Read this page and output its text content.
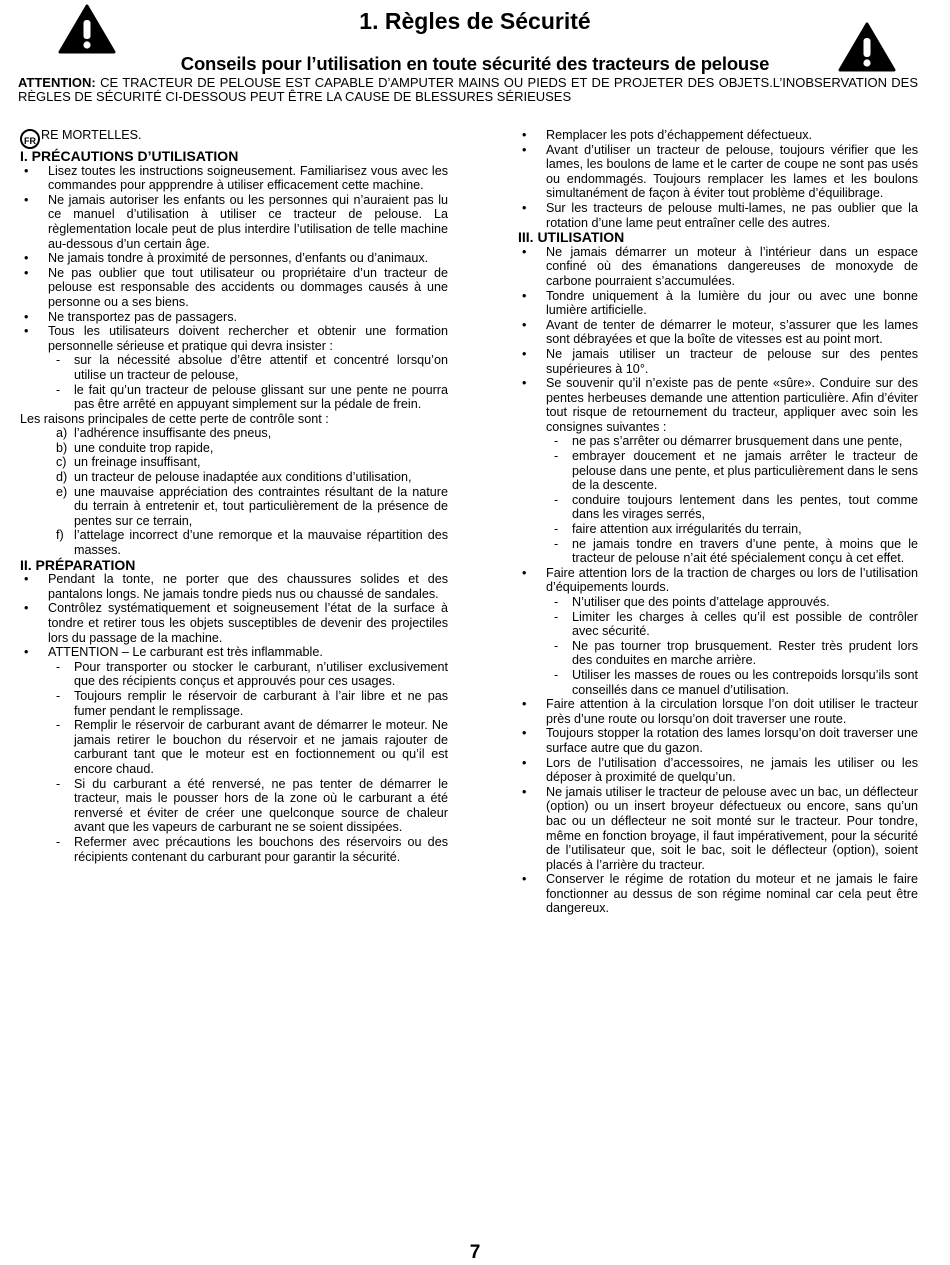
1. Règles de Sécurité
Conseils pour l’utilisation en toute sécurité des tracteurs de pelouse
ATTENTION: CE TRACTEUR DE PELOUSE EST CAPABLE D’AMPUTER MAINS OU PIEDS ET DE PROJETER DES OBJETS.L’INOBSERVATION DES RÈGLES DE SÉCURITÉ CI-DESSOUS PEUT ÊTRE LA CAUSE DE BLESSURES SÉRIEUSES

FR RE MORTELLES.

I. PRÉCAUTIONS D’UTILISATION

• Lisez toutes les instructions soigneusement. Familiarisez vous avec les commandes pour appprendre à utiliser efficacement cette machine.

• Ne jamais autoriser les enfants ou les personnes qui n’auraient pas lu ce manuel d’utilisation à utiliser ce tracteur de pelouse. La règlementation locale peut de plus interdire l’utilisation de telle machine au-dessous d’un certain âge.

• Ne jamais tondre à proximité de personnes, d’enfants ou d’animaux.

• Ne pas oublier que tout utilisateur ou propriétaire d’un tracteur de pelouse est responsable des accidents ou dommages causés à une personne ou a ses biens.

• Ne transportez pas de passagers.

• Tous les utilisateurs doivent rechercher et obtenir une formation personnelle sérieuse et pratique qui devra insister :

- sur la nécessité absolue d’être attentif et concentré lorsqu’on utilise un tracteur de pelouse,

- le fait qu’un tracteur de pelouse glissant sur une pente ne pourra pas être arrêté en appuyant simplement sur la pédale de frein.

Les raisons principales de cette perte de contrôle sont :

a) l’adhérence insuffisante des pneus,

b) une conduite trop rapide,

c) un freinage insuffisant,

d) un tracteur de pelouse inadaptée aux conditions d’utilisation,

e) une mauvaise appréciation des contraintes résultant de la nature du terrain à entretenir et, tout particulièrement de la présence de pentes sur ce terrain,

f) l’attelage incorrect d’une remorque et la mauvaise répartition des masses.

II. PRÉPARATION

• Pendant la tonte, ne porter que des chaussures solides et des pantalons longs. Ne jamais tondre pieds nus ou chaussé de sandales.

• Contrôlez systématiquement et soigneusement l’état de la surface à tondre et retirer tous les objets susceptibles de devenir des projectiles lors du passage de la machine.

• ATTENTION – Le carburant est très inflammable.

- Pour transporter ou stocker le carburant, n’utiliser exclusivement que des récipients conçus et approuvés pour ces usages.

- Toujours remplir le réservoir de carburant à l’air libre et ne pas fumer pendant le remplissage.

- Remplir le réservoir de carburant avant de démarrer le moteur. Ne jamais retirer le bouchon du réservoir et ne jamais rajouter de carburant tant que le moteur est en foctionnement ou qu’il est encore chaud.

- Si du carburant a été renversé, ne pas tenter de démarrer le tracteur, mais le pousser hors de la zone où le carburant a été renversé et éviter de créer une quelconque source de chaleur avant que les vapeurs de carburant ne se soient dissipées.

- Refermer avec précautions les bouchons des réservoirs ou des récipients contenant du carburant pour garantir la sécurité.

• Remplacer les pots d’échappement défectueux.

• Avant d’utiliser un tracteur de pelouse, toujours vérifier que les lames, les boulons de lame et le carter de coupe ne sont pas usés ou endommagés. Toujours remplacer les lames et les boulons simultanément de façon à éviter tout problème d’équilibrage.

• Sur les tracteurs de pelouse multi-lames, ne pas oublier que la rotation d’une lame peut entraîner celle des autres.

III. UTILISATION

• Ne jamais démarrer un moteur à l’intérieur dans un espace confiné où des émanations dangereuses de monoxyde de carbone pourraient s’accumulées.

• Tondre uniquement à la lumière du jour ou avec une bonne lumière artificielle.

• Avant de tenter de démarrer le moteur, s’assurer que les lames sont débrayées et que la boîte de vitesses est au point mort.

• Ne jamais utiliser un tracteur de pelouse sur des pentes supérieures à 10°.

• Se souvenir qu’il n’existe pas de pente «sûre». Conduire sur des pentes herbeuses demande une attention particulière. Afin d’éviter tout risque de retournement du tracteur, appliquer avec soin les consignes suivantes :

- ne pas s’arrêter ou démarrer brusquement dans une pente,

- embrayer doucement et ne jamais arrêter le tracteur de pelouse dans une pente, et plus particulièrement dans le sens de la descente.

- conduire toujours lentement dans les pentes, tout comme dans les virages serrés,

- faire attention aux irrégularités du terrain,

- ne jamais tondre en travers d’une pente, à moins que le tracteur de pelouse n’ait été spécialement conçu à cet effet.

• Faire attention lors de la traction de charges ou lors de l’utilisation d’équipements lourds.

- N’utiliser que des points d’attelage approuvés.

- Limiter les charges à celles qu’il est possible de contrôler avec sécurité.

- Ne pas tourner trop brusquement. Rester très prudent lors des conduites en marche arrière.

- Utiliser les masses de roues ou les contrepoids lorsqu’ils sont conseillés dans ce manuel d’utilisation.

• Faire attention à la circulation lorsque l’on doit utiliser le tracteur près d’une route ou lorsqu’on doit traverser une route.

• Toujours stopper la rotation des lames lorsqu’on doit traverser une surface autre que du gazon.

• Lors de l’utilisation d’accessoires, ne jamais les utiliser ou les déposer à proximité de quelqu’un.

• Ne jamais utiliser le tracteur de pelouse avec un bac, un déflecteur (option) ou un insert broyeur défectueux ou encore, sans qu’un bac ou un déflecteur ne soit monté sur le tracteur. Pour tondre, même en fonction broyage, il faut impérativement, pour la sécurité de l’utilisateur que, soit le bac, soit le déflecteur (option), soient placés à l’arrière du tracteur.

• Conserver le régime de rotation du moteur et ne jamais le faire fonctionner au dessus de son régime nominal car cela peut être dangereux.

7
